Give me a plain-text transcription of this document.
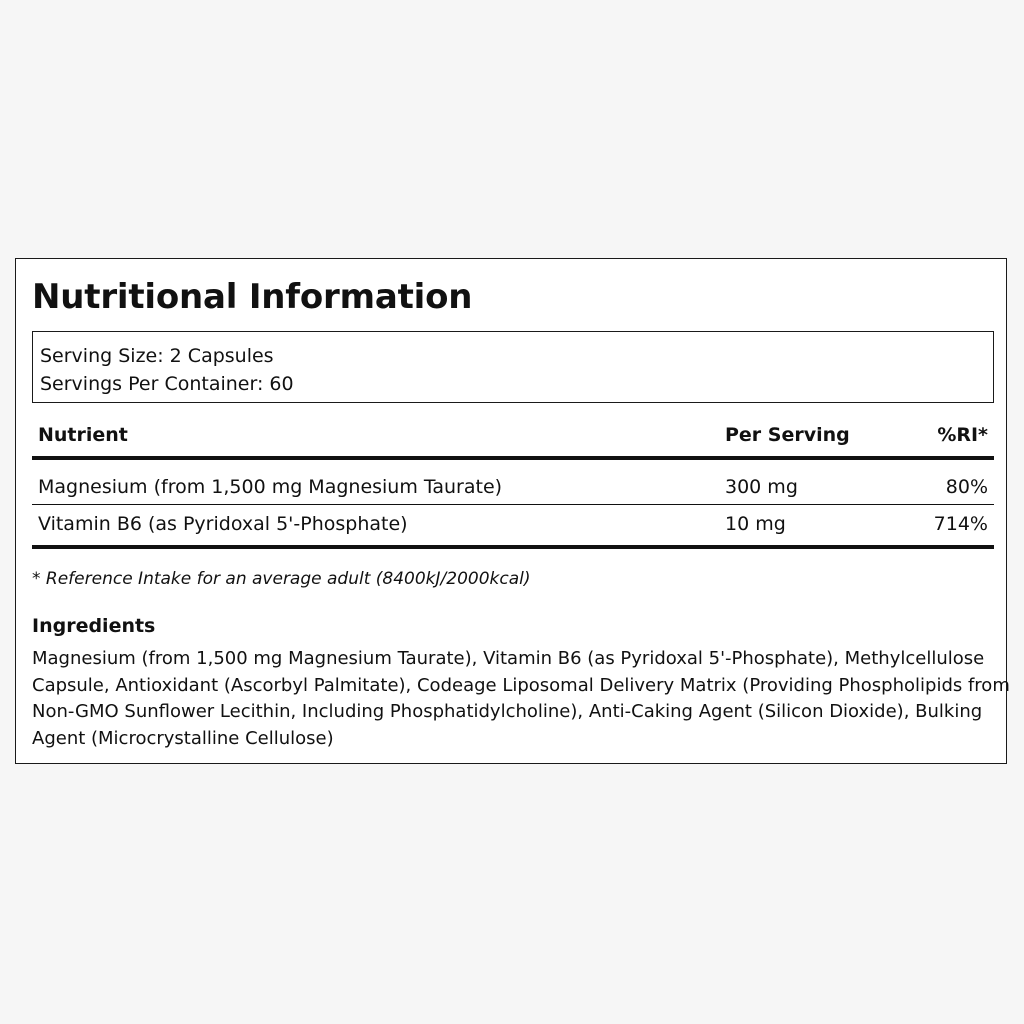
Nutritional Information
Serving Size: 2 Capsules
Servings Per Container: 60
Nutrient	Per Serving	%RI*
Magnesium (from 1,500 mg Magnesium Taurate)	300 mg	80%
Vitamin B6 (as Pyridoxal 5'-Phosphate)	10 mg	714%
* Reference Intake for an average adult (8400kJ/2000kcal)
Ingredients
Magnesium (from 1,500 mg Magnesium Taurate), Vitamin B6 (as Pyridoxal 5'-Phosphate), Methylcellulose
Capsule, Antioxidant (Ascorbyl Palmitate), Codeage Liposomal Delivery Matrix (Providing Phospholipids from
Non-GMO Sunflower Lecithin, Including Phosphatidylcholine), Anti-Caking Agent (Silicon Dioxide), Bulking
Agent (Microcrystalline Cellulose)
